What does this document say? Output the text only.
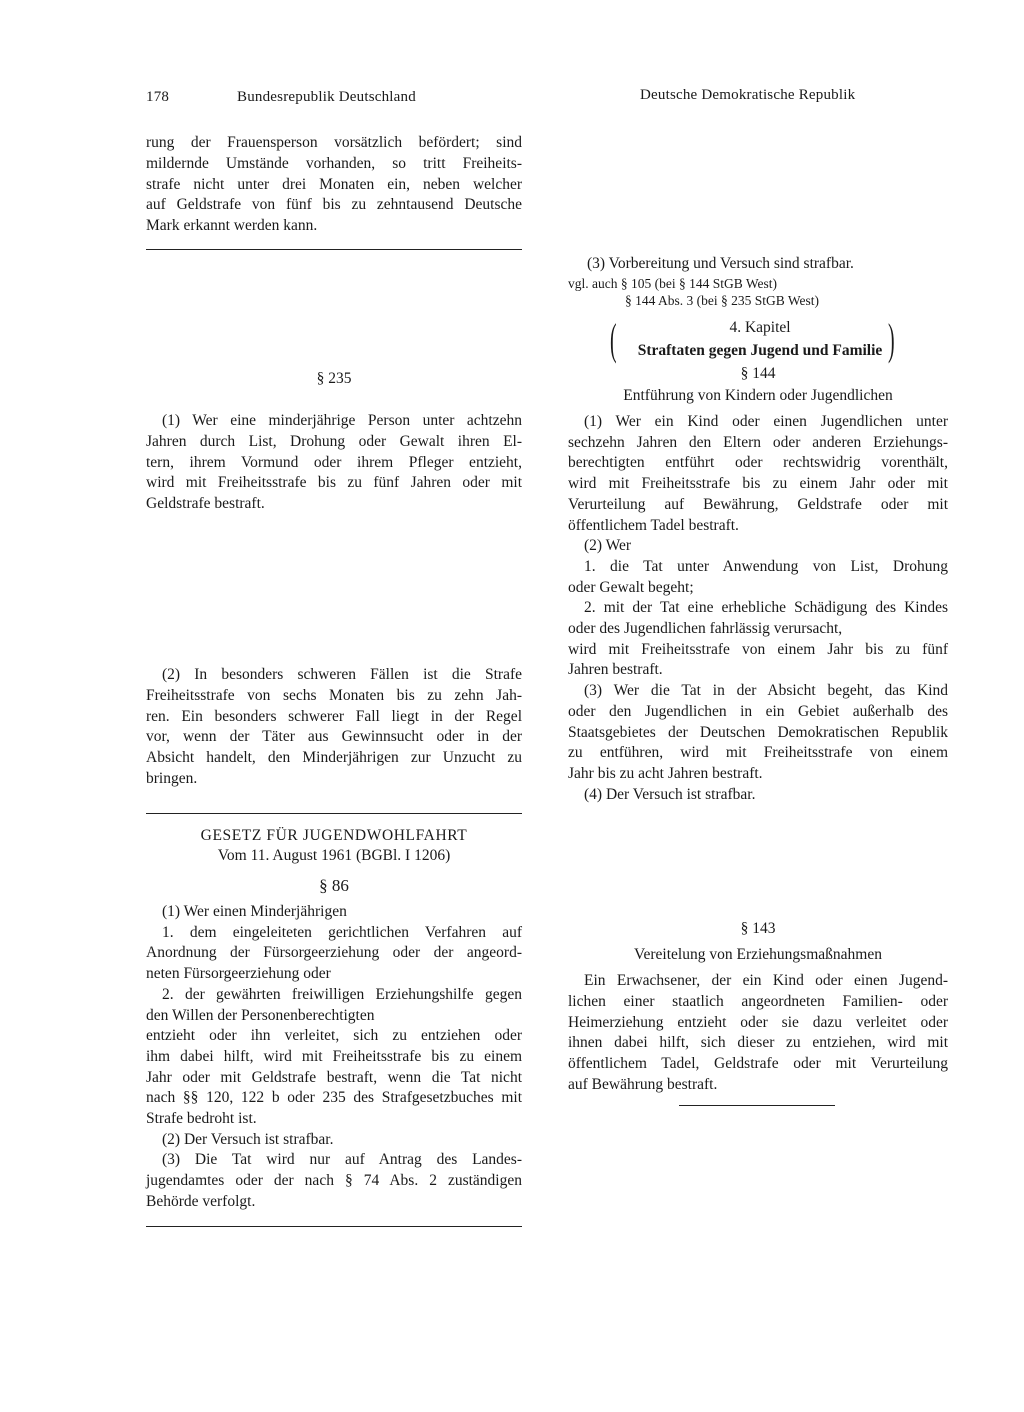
178	Bundesrepublik Deutschland	Deutsche Demokratische Republik
rung der Frauensperson vorsätzlich befördert; sind
mildernde Umstände vorhanden, so tritt Freiheits-
strafe nicht unter drei Monaten ein, neben welcher
auf Geldstrafe von fünf bis zu zehntausend Deutsche
Mark erkannt werden kann.
§ 235
(1) Wer eine minderjährige Person unter achtzehn
Jahren durch List, Drohung oder Gewalt ihren El-
tern, ihrem Vormund oder ihrem Pfleger entzieht,
wird mit Freiheitsstrafe bis zu fünf Jahren oder mit
Geldstrafe bestraft.
(2) In besonders schweren Fällen ist die Strafe
Freiheitsstrafe von sechs Monaten bis zu zehn Jah-
ren. Ein besonders schwerer Fall liegt in der Regel
vor, wenn der Täter aus Gewinnsucht oder in der
Absicht handelt, den Minderjährigen zur Unzucht zu
bringen.
GESETZ FÜR JUGENDWOHLFAHRT
Vom 11. August 1961 (BGBl. I 1206)
§ 86
(1) Wer einen Minderjährigen
1. dem eingeleiteten gerichtlichen Verfahren auf
Anordnung der Fürsorgeerziehung oder der angeord-
neten Fürsorgeerziehung oder
2. der gewährten freiwilligen Erziehungshilfe gegen
den Willen der Personenberechtigten
entzieht oder ihn verleitet, sich zu entziehen oder
ihm dabei hilft, wird mit Freiheitsstrafe bis zu einem
Jahr oder mit Geldstrafe bestraft, wenn die Tat nicht
nach §§ 120, 122 b oder 235 des Strafgesetzbuches mit
Strafe bedroht ist.
(2) Der Versuch ist strafbar.
(3) Die Tat wird nur auf Antrag des Landes-
jugendamtes oder der nach § 74 Abs. 2 zuständigen
Behörde verfolgt.
(3) Vorbereitung und Versuch sind strafbar.
vgl. auch § 105 (bei § 144 StGB West)
§ 144 Abs. 3 (bei § 235 StGB West)
(	)
4. Kapitel
Straftaten gegen Jugend und Familie
§ 144
Entführung von Kindern oder Jugendlichen
(1) Wer ein Kind oder einen Jugendlichen unter
sechzehn Jahren den Eltern oder anderen Erziehungs-
berechtigten entführt oder rechtswidrig vorenthält,
wird mit Freiheitsstrafe bis zu einem Jahr oder mit
Verurteilung auf Bewährung, Geldstrafe oder mit
öffentlichem Tadel bestraft.
(2) Wer
1. die Tat unter Anwendung von List, Drohung
oder Gewalt begeht;
2. mit der Tat eine erhebliche Schädigung des Kindes
oder des Jugendlichen fahrlässig verursacht,
wird mit Freiheitsstrafe von einem Jahr bis zu fünf
Jahren bestraft.
(3) Wer die Tat in der Absicht begeht, das Kind
oder den Jugendlichen in ein Gebiet außerhalb des
Staatsgebietes der Deutschen Demokratischen Republik
zu entführen, wird mit Freiheitsstrafe von einem
Jahr bis zu acht Jahren bestraft.
(4) Der Versuch ist strafbar.
§ 143
Vereitelung von Erziehungsmaßnahmen
Ein Erwachsener, der ein Kind oder einen Jugend-
lichen einer staatlich angeordneten Familien- oder
Heimerziehung entzieht oder sie dazu verleitet oder
ihnen dabei hilft, sich dieser zu entziehen, wird mit
öffentlichem Tadel, Geldstrafe oder mit Verurteilung
auf Bewährung bestraft.
